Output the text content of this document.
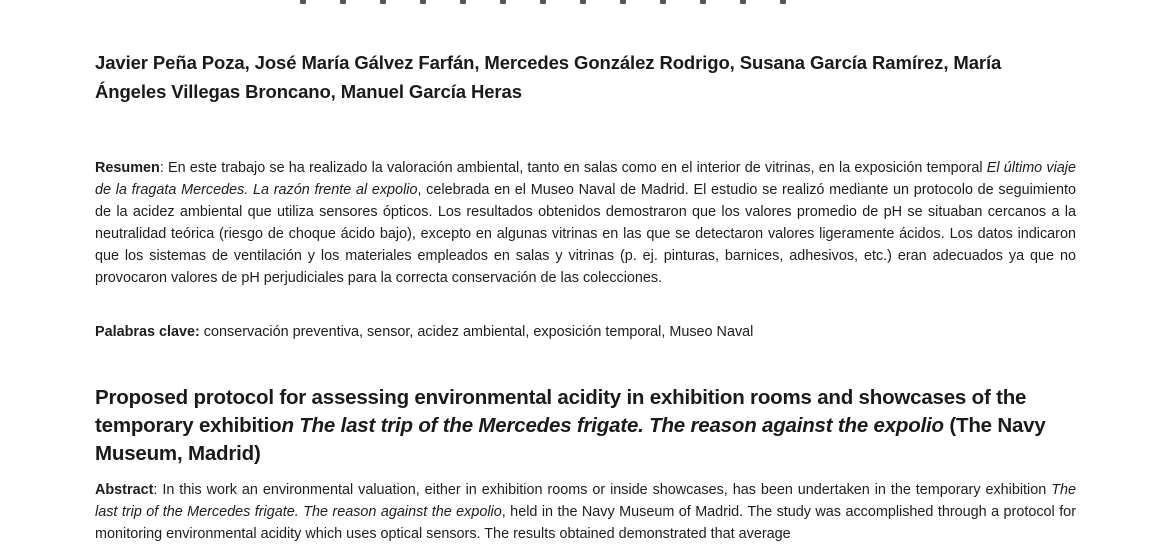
Javier Peña Poza, José María Gálvez Farfán, Mercedes González Rodrigo, Susana García Ramírez, María Ángeles Villegas Broncano, Manuel García Heras
Resumen: En este trabajo se ha realizado la valoración ambiental, tanto en salas como en el interior de vitrinas, en la exposición temporal El último viaje de la fragata Mercedes. La razón frente al expolio, celebrada en el Museo Naval de Madrid. El estudio se realizó mediante un protocolo de seguimiento de la acidez ambiental que utiliza sensores ópticos. Los resultados obtenidos demostraron que los valores promedio de pH se situaban cercanos a la neutralidad teórica (riesgo de choque ácido bajo), excepto en algunas vitrinas en las que se detectaron valores ligeramente ácidos. Los datos indicaron que los sistemas de ventilación y los materiales empleados en salas y vitrinas (p. ej. pinturas, barnices, adhesivos, etc.) eran adecuados ya que no provocaron valores de pH perjudiciales para la correcta conservación de las colecciones.
Palabras clave: conservación preventiva, sensor, acidez ambiental, exposición temporal, Museo Naval
Proposed protocol for assessing environmental acidity in exhibition rooms and showcases of the temporary exhibition The last trip of the Mercedes frigate. The reason against the expolio (The Navy Museum, Madrid)
Abstract: In this work an environmental valuation, either in exhibition rooms or inside showcases, has been undertaken in the temporary exhibition The last trip of the Mercedes frigate. The reason against the expolio, held in the Navy Museum of Madrid. The study was accomplished through a protocol for monitoring environmental acidity which uses optical sensors. The results obtained demonstrated that average
